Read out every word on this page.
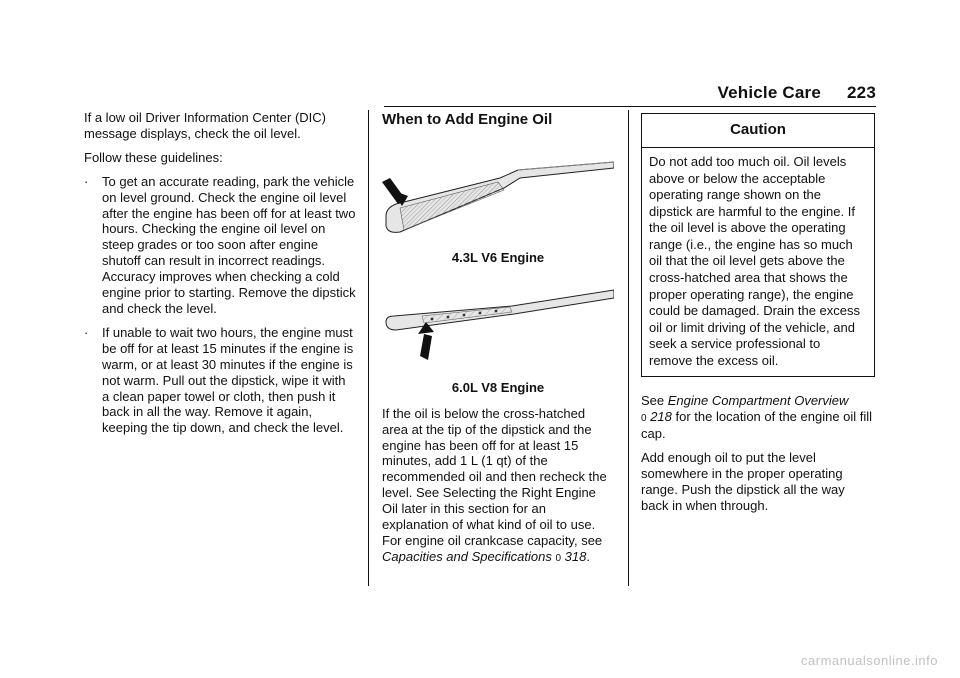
Vehicle Care 223

If a low oil Driver Information Center (DIC) message displays, check the oil level.

Follow these guidelines:

·	To get an accurate reading, park the vehicle on level ground. Check the engine oil level after the engine has been off for at least two hours. Checking the engine oil level on steep grades or too soon after engine shutoff can result in incorrect readings. Accuracy improves when checking a cold engine prior to starting. Remove the dipstick and check the level.
·	If unable to wait two hours, the engine must be off for at least 15 minutes if the engine is warm, or at least 30 minutes if the engine is not warm. Pull out the dipstick, wipe it with a clean paper towel or cloth, then push it back in all the way. Remove it again, keeping the tip down, and check the level.
When to Add Engine Oil
4.3L V6 Engine
6.0L V8 Engine

If the oil is below the cross-hatched area at the tip of the dipstick and the engine has been off for at least 15 minutes, add 1 L (1 qt) of the recommended oil and then recheck the level. See Selecting the Right Engine Oil later in this section for an explanation of what kind of oil to use. For engine oil crankcase capacity, see Capacities and Specifications 0 318.

Caution
Do not add too much oil. Oil levels above or below the acceptable operating range shown on the dipstick are harmful to the engine. If the oil level is above the operating range (i.e., the engine has so much oil that the oil level gets above the cross-hatched area that shows the proper operating range), the engine could be damaged. Drain the excess oil or limit driving of the vehicle, and seek a service professional to remove the excess oil.

See Engine Compartment Overview
0 218 for the location of the engine oil fill cap.

Add enough oil to put the level somewhere in the proper operating range. Push the dipstick all the way back in when through.

carmanualsonline.info
